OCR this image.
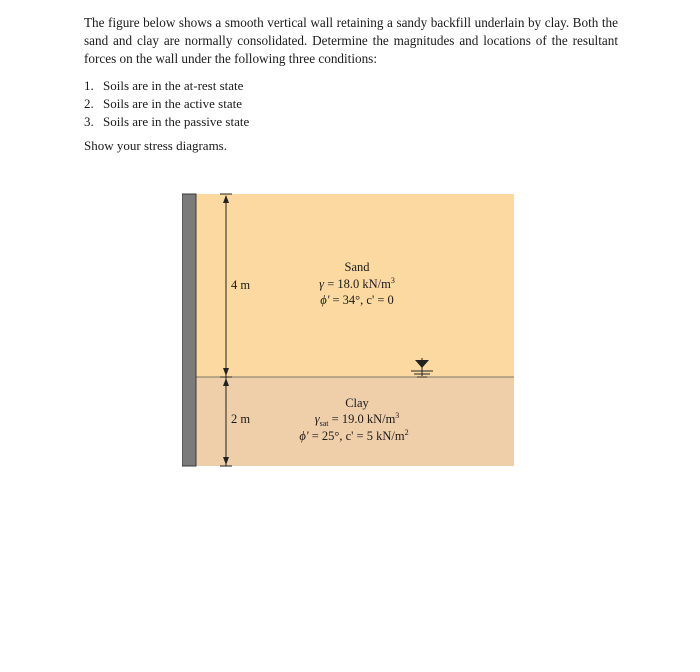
The figure below shows a smooth vertical wall retaining a sandy backfill underlain by clay. Both the sand and clay are normally consolidated. Determine the magnitudes and locations of the resultant forces on the wall under the following three conditions:
1. Soils are in the at-rest state
2. Soils are in the active state
3. Soils are in the passive state
Show your stress diagrams.
4 m
2 m
Sand
γ = 18.0 $kN/m^3$
ϕ' = 34°, c' = 0
Clay
$\gamma_{sat} = 19.0$ $kN/m^3$
ϕ' = 25°, c' = 5 $kN/m^2$
